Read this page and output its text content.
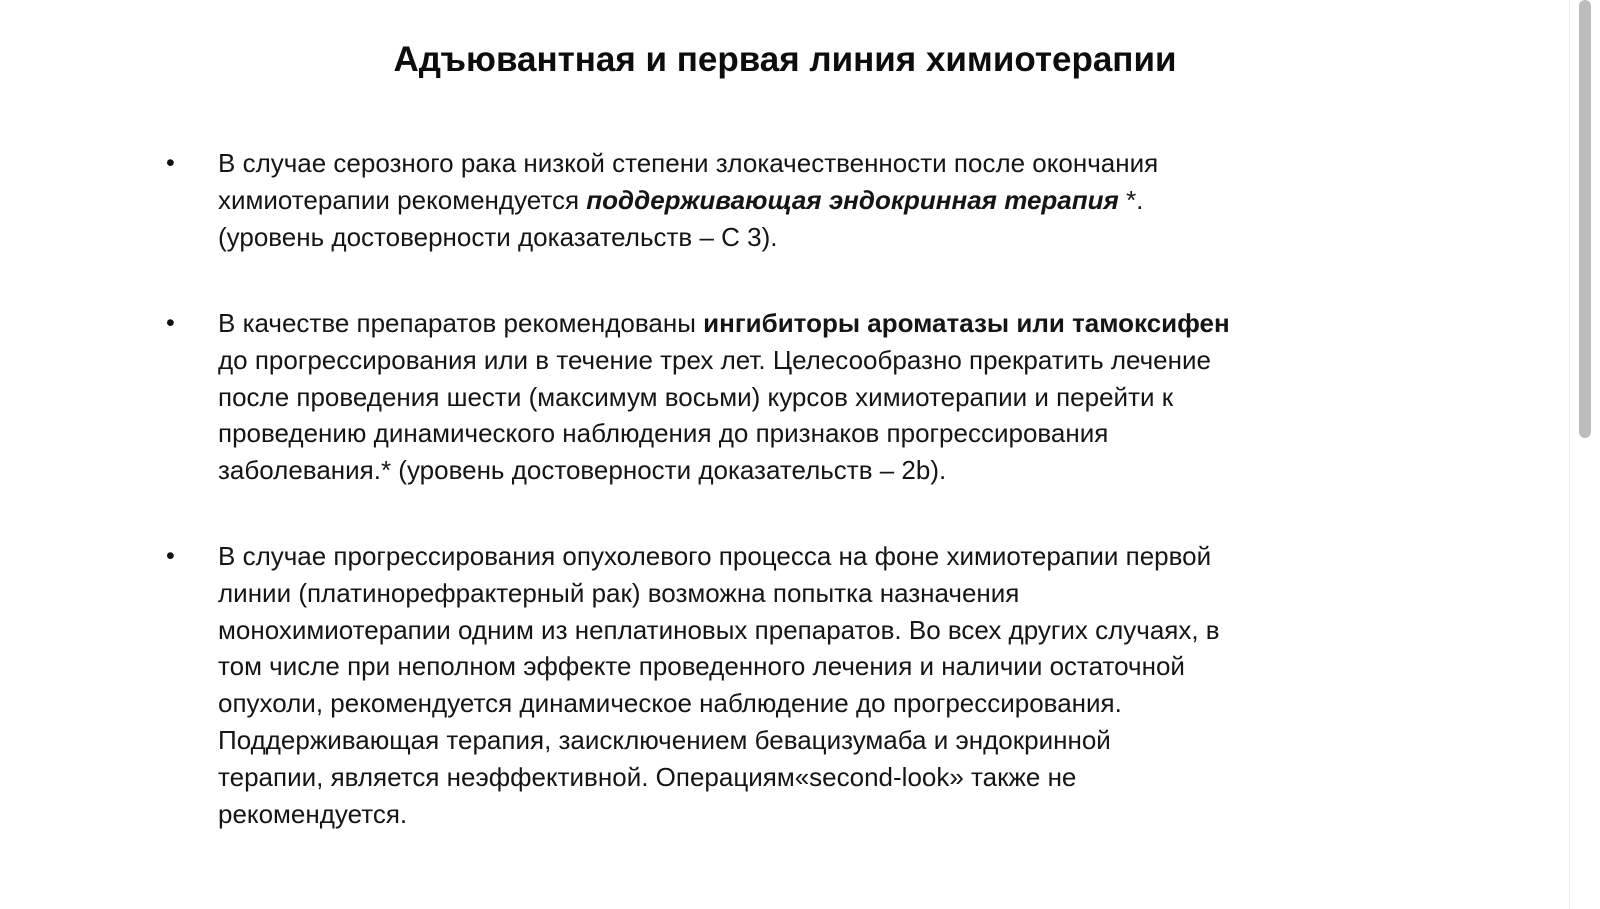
Адъювантная и первая линия химиотерапии
• В случае серозного рака низкой степени злокачественности после окончания
химиотерапии рекомендуется поддерживающая эндокринная терапия *.
(уровень достоверности доказательств – С 3).
• В качестве препаратов рекомендованы ингибиторы ароматазы или тамоксифен
до прогрессирования или в течение трех лет. Целесообразно прекратить лечение
после проведения шести (максимум восьми) курсов химиотерапии и перейти к
проведению динамического наблюдения до признаков прогрессирования
заболевания.* (уровень достоверности доказательств – 2b).
• В случае прогрессирования опухолевого процесса на фоне химиотерапии первой
линии (платинорефрактерный рак) возможна попытка назначения
монохимиотерапии одним из неплатиновых препаратов. Во всех других случаях, в
том числе при неполном эффекте проведенного лечения и наличии остаточной
опухоли, рекомендуется динамическое наблюдение до прогрессирования.
Поддерживающая терапия, заисключением бевацизумаба и эндокринной
терапии, является неэффективной. Операциям«second-look» также не
рекомендуется.
